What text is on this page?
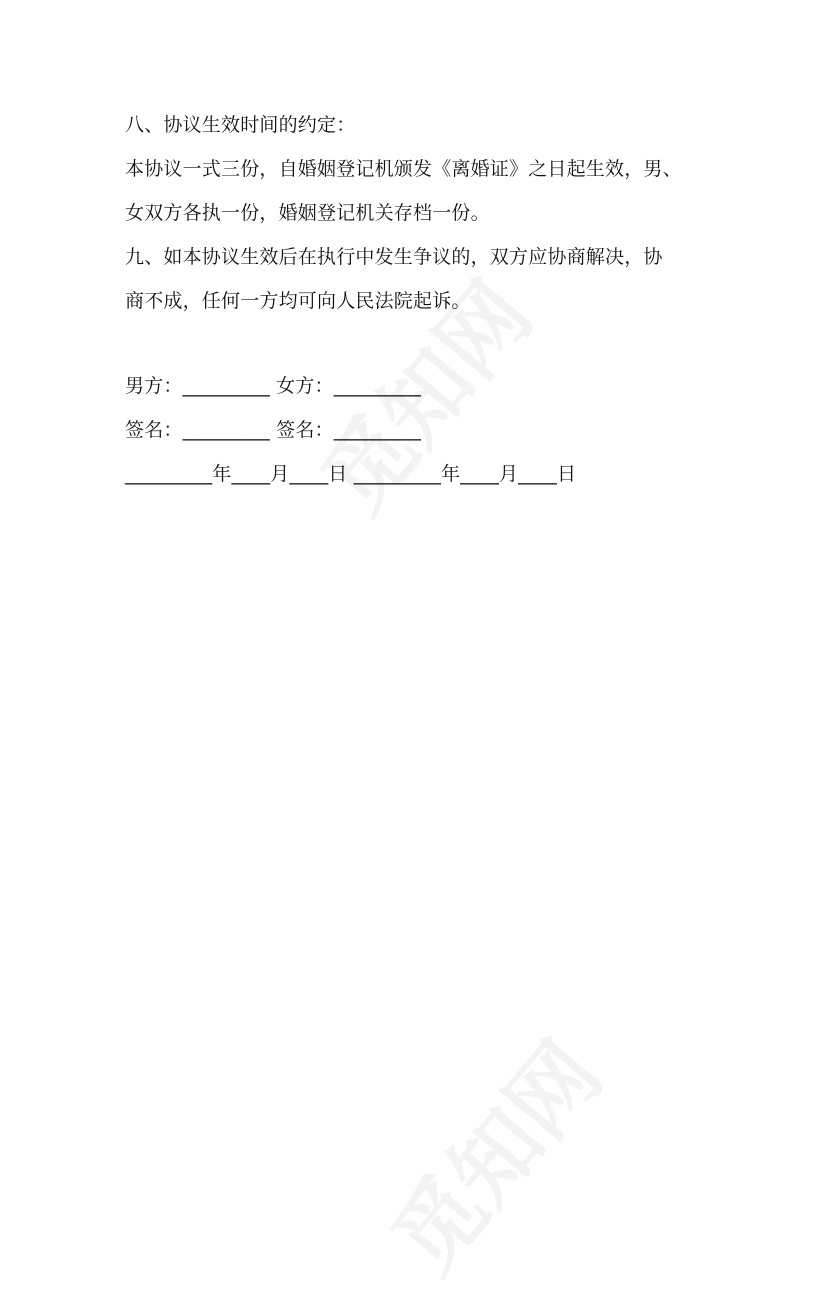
八、协议生效时间的约定：
本协议一式三份，自婚姻登记机颁发《离婚证》之日起生效，男、
女双方各执一份，婚姻登记机关存档一份。
九、如本协议生效后在执行中发生争议的，双方应协商解决，协
商不成，任何一方均可向人民法院起诉。
男方：_________ 女方：_________
签名：_________ 签名：_________
_________年____月____日 _________年____月____日
